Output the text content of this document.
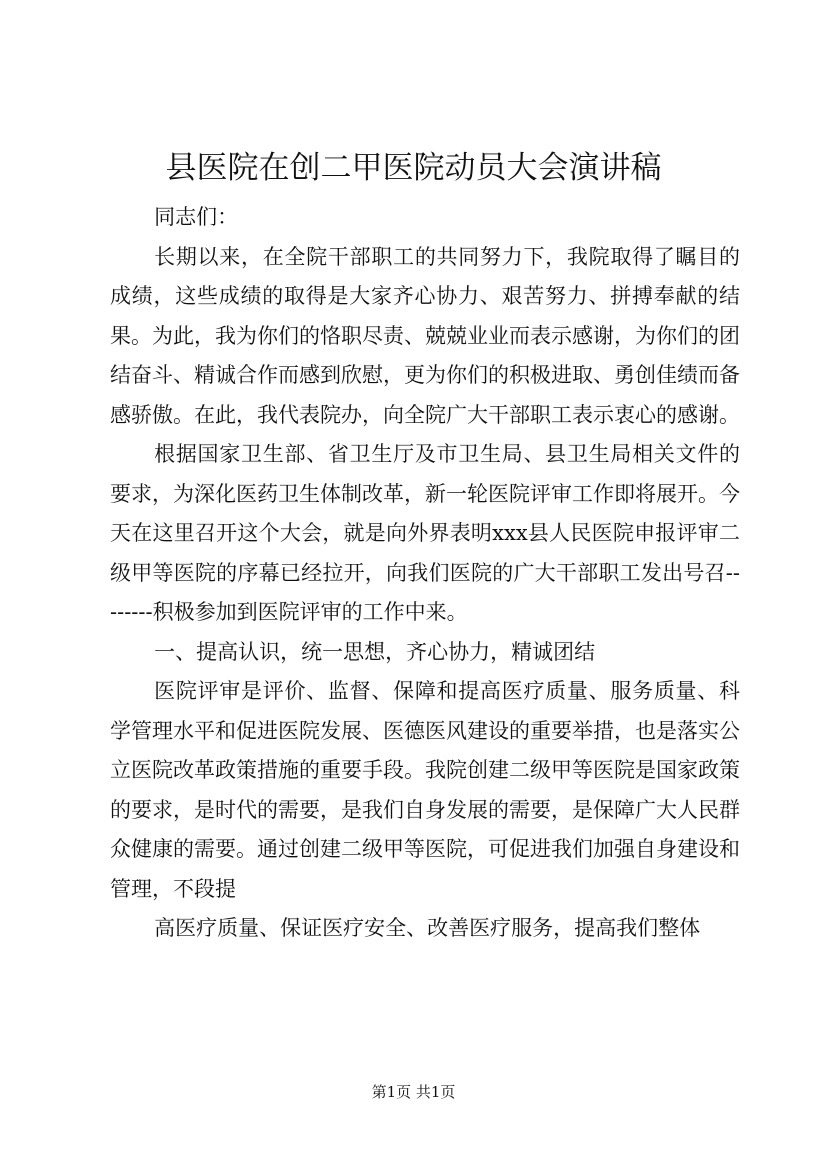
县医院在创二甲医院动员大会演讲稿

同志们：

长期以来，在全院干部职工的共同努力下，我院取得了瞩目的成绩，这些成绩的取得是大家齐心协力、艰苦努力、拼搏奉献的结果。为此，我为你们的恪职尽责、兢兢业业而表示感谢，为你们的团结奋斗、精诚合作而感到欣慰，更为你们的积极进取、勇创佳绩而备感骄傲。在此，我代表院办，向全院广大干部职工表示衷心的感谢。

根据国家卫生部、省卫生厅及市卫生局、县卫生局相关文件的要求，为深化医药卫生体制改革，新一轮医院评审工作即将展开。今天在这里召开这个大会，就是向外界表明xxx县人民医院申报评审二级甲等医院的序幕已经拉开，向我们医院的广大干部职工发出号召--------积极参加到医院评审的工作中来。

一、提高认识，统一思想，齐心协力，精诚团结

医院评审是评价、监督、保障和提高医疗质量、服务质量、科学管理水平和促进医院发展、医德医风建设的重要举措，也是落实公立医院改革政策措施的重要手段。我院创建二级甲等医院是国家政策的要求，是时代的需要，是我们自身发展的需要，是保障广大人民群众健康的需要。通过创建二级甲等医院，可促进我们加强自身建设和管理，不段提

高医疗质量、保证医疗安全、改善医疗服务，提高我们整体

第1页 共1页
